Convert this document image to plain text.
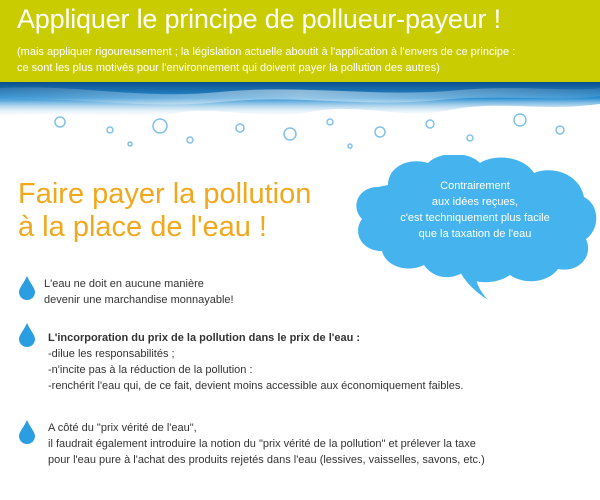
Appliquer le principe de pollueur-payeur !
(mais appliquer rigoureusement ; la législation actuelle aboutit à l'application à l'envers de ce principe :
ce sont les plus motivés pour l'environnement qui doivent payer la pollution des autres)
Faire payer la pollution
à la place de l'eau !
Contrairement
aux idées reçues,
c'est techniquement plus facile
que la taxation de l'eau
L'eau ne doit en aucune manière
devenir une marchandise monnayable!
L'incorporation du prix de la pollution dans le prix de l'eau :
-dilue les responsabilités ;
-n'incite pas à la réduction de la pollution :
-renchérit l'eau qui, de ce fait, devient moins accessible aux économiquement faibles.
A côté du "prix vérité de l'eau",
il faudrait également introduire la notion du "prix vérité de la pollution" et prélever la taxe
pour l'eau pure à l'achat des produits rejetés dans l'eau (lessives, vaisselles, savons, etc.)
